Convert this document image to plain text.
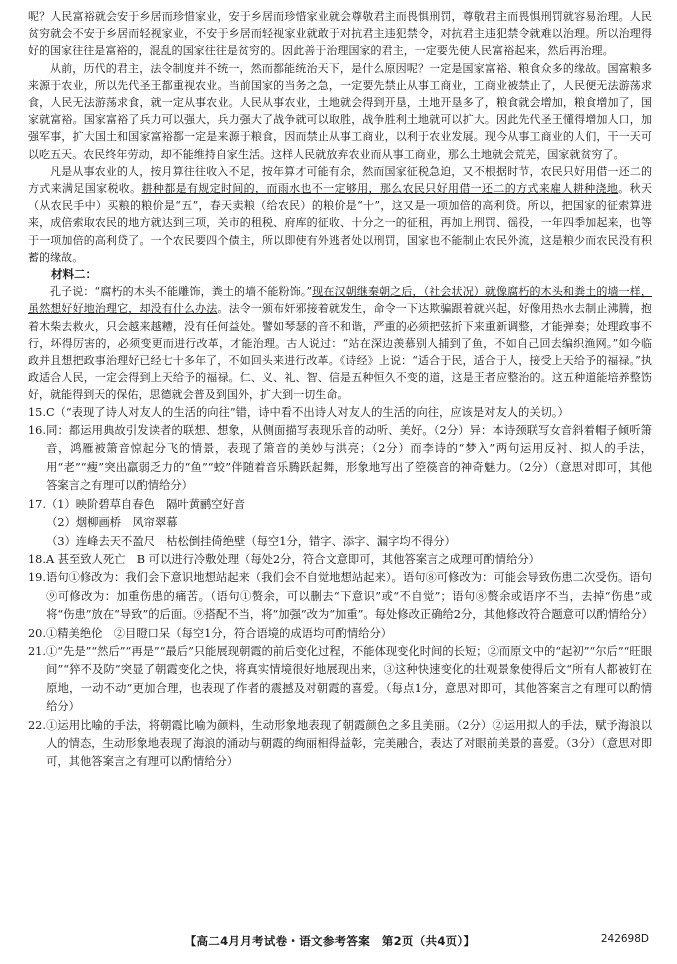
呢？人民富裕就会安于乡居而珍惜家业，安于乡居而珍惜家业就会尊敬君主而畏惧刑罚，尊敬君主而畏惧刑罚就容易治理。人民贫穷就会不安于乡居而轻视家业，不安于乡居而轻视家业就敢于对抗君主违犯禁令，对抗君主违犯禁令就难以治理。所以治理得好的国家往往是富裕的，混乱的国家往往是贫穷的。因此善于治理国家的君主，一定要先使人民富裕起来，然后再治理。

从前，历代的君主，法令制度并不统一，然而都能统治天下，是什么原因呢？一定是国家富裕、粮食众多的缘故。国富粮多来源于农业，所以先代圣王都重视农业。当前国家的当务之急，一定要先禁止从事工商业，工商业被禁止了，人民便无法游荡求食，人民无法游荡求食，就一定从事农业。人民从事农业，土地就会得到开垦，土地开垦多了，粮食就会增加，粮食增加了，国家就富裕。国家富裕了兵力可以强大，兵力强大了战争就可以取胜，战争胜利土地就可以扩大。因此先代圣王懂得增加人口，加强军事，扩大国土和国家富裕都一定是来源于粮食，因而禁止从事工商业，以利于农业发展。现今从事工商业的人们，干一天可以吃五天。农民终年劳动，却不能维持自家生活。这样人民就放弃农业而从事工商业，那么土地就会荒芜，国家就贫穷了。

凡是从事农业的人，按月算往往收入不足，按年算才可能有余，然而国家征税急迫，又不根据时节，农民只好用借一还二的方式来满足国家税收。耕种都是有规定时间的，而雨水也不一定够用，那么农民只好用借一还二的方式来雇人耕种浇地。秋天（从农民手中）买粮的粮价是“五”，春天卖粮（给农民）的粮价是“十”，这又是一项加倍的高利贷。所以，把国家的征索算进来，成倍索取农民的地方就达到三项，关市的租税、府库的征收、十分之一的征租，再加上刑罚、徭役，一年四季加起来，也等于一项加倍的高利贷了。一个农民要四个债主，所以即使有外逃者处以刑罚，国家也不能制止农民外流，这是粮少而农民没有积蓄的缘故。

材料二：

孔子说：“腐朽的木头不能雕饰，粪土的墙不能粉饰。”现在汉朝继秦朝之后，（社会状况）就像腐朽的木头和粪土的墙一样，虽然想好好地治理它，却没有什么办法。法令一颁布奸邪接着就发生，命令一下达欺骗跟着就兴起，好像用热水去制止沸腾，抱着木柴去救火，只会越来越糟，没有任何益处。譬如琴瑟的音不和谐，严重的必须把弦折下来重新调整，才能弹奏；处理政事不行，坏得厉害的，必须变更而进行改革，才能治理。古人说过：“站在深边羡慕别人捕到了鱼，不如自己回去编织渔网。”如今临政并且想把政事治理好已经七十多年了，不如回头来进行改革。《诗经》上说：“适合于民，适合于人，接受上天给予的福禄。”执政适合人民，一定会得到上天给予的福禄。仁、义、礼、智、信是五种恒久不变的道，这是王者应整治的。这五种道能培养整饬好，就能得到天的保佑，思德就会普及到国外，扩大到一切生命。

15.C（“表现了诗人对友人的生活的向往”错，诗中看不出诗人对友人的生活的向往，应该是对友人的关切。）

16.同：都运用典故引发读者的联想、想象，从侧面描写表现乐音的动听、美好。（2分）异：本诗颈联写女音斜着帽子倾听箫音，鸿雁被箫音惊起分飞的情景，表现了箫音的美妙与洪亮；（2分）而李诗的“梦入”两句运用反衬、拟人的手法，用“老”“瘦”突出羸弱乏力的“鱼”“蛟”伴随着音乐腾跃起舞，形象地写出了箜篌音的神奇魅力。（2分）（意思对即可，其他答案言之有理可以酌情给分）

17.（1）映阶碧草自春色　隔叶黄鹂空好音

（2）烟柳画桥　风帘翠幕

（3）连峰去天不盈尺　枯松倒挂倚绝壁（每空1分，错字、添字、漏字均不得分）

18.A 甚至致人死亡　B 可以进行冷敷处理（每处2分，符合文意即可，其他答案言之成理可酌情给分）

19.语句①修改为：我们会下意识地想站起来（我们会不自觉地想站起来）。语句⑧可修改为：可能会导致伤患二次受伤。语句⑨可修改为：加重伤患的痛苦。（语句①赘余，可以删去“下意识”或“不自觉”；语句⑧赘余或语序不当，去掉“伤患”或将“伤患”放在“导致”的后面。⑨搭配不当，将“加强”改为“加重”。每处修改正确给2分，其他修改符合题意可以酌情给分）

20.①精美绝伦　②目瞪口呆（每空1分，符合语境的成语均可酌情给分）

21.①“先是”“然后”“再是”“最后”只能展现朝霞的前后变化过程，不能体现变化时间的长短；②而原文中的“起初”“尔后”“旺眼间”“猝不及防”突显了朝霞变化之快，将真实情境很好地展现出来，③这种快速变化的壮观景象使得后文“所有人都被钉在原地，一动不动”更加合理，也表现了作者的震撼及对朝霞的喜爱。（每点1分，意思对即可，其他答案言之有理可以酌情给分）

22.①运用比喻的手法，将朝霞比喻为颜料，生动形象地表现了朝霞颜色之多且美丽。（2分）②运用拟人的手法，赋予海浪以人的情态，生动形象地表现了海浪的涌动与朝霞的绚丽相得益彰，完美融合，表达了对眼前美景的喜爱。（3分）（意思对即可，其他答案言之有理可以酌情给分）

【高二4月月考试卷・语文参考答案　第2页（共4页）】	242698D
